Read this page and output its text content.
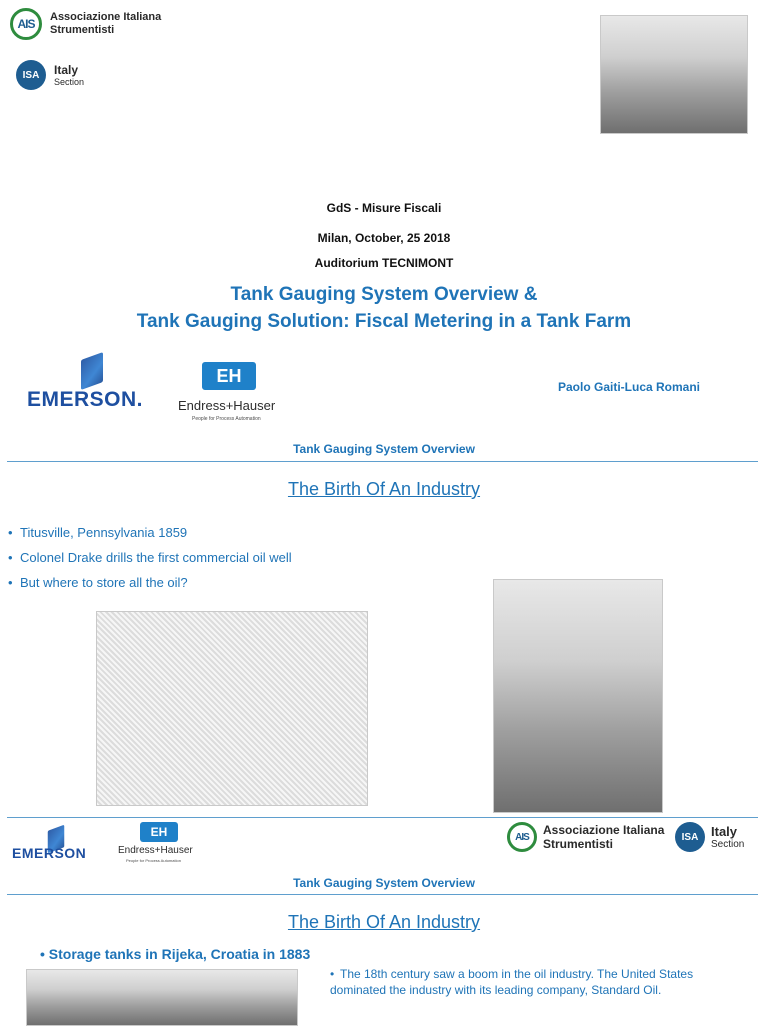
AIS Associazione Italiana
Strumentisti
ISA Italy
Section
GdS - Misure Fiscali
Milan, October, 25 2018
Auditorium TECNIMONT
Tank Gauging System Overview &
Tank Gauging Solution: Fiscal Metering in a Tank Farm
EMERSON.
EH
Endress+Hauser
People for Process Automation
Paolo Gaiti-Luca Romani
Tank Gauging System Overview
The Birth Of An Industry
• Titusville, Pennsylvania 1859
• Colonel Drake drills the first commercial oil well
• But where to store all the oil?
EMERSON
EH
Endress+Hauser
People for Process Automation
AIS Associazione Italiana
Strumentisti	ISA Italy
Section
Tank Gauging System Overview
The Birth Of An Industry
• Storage tanks in Rijeka, Croatia in 1883
• The 18th century saw a boom in the oil industry. The United States dominated the industry with its leading company, Standard Oil.
